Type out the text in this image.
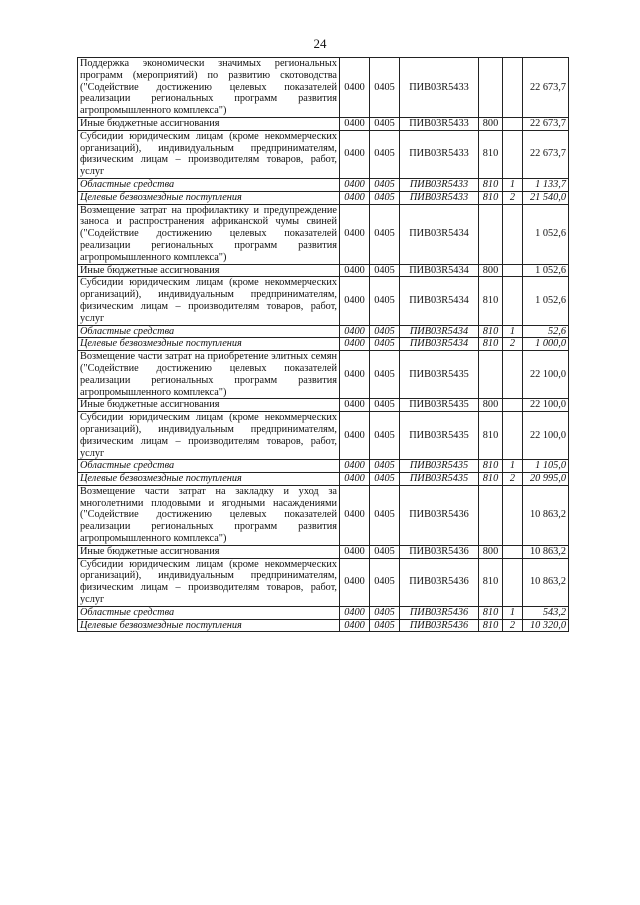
24
Поддержка экономически значимых региональных программ (мероприятий) по развитию скотоводства ("Содействие достижению целевых показателей реализации региональных программ развития агропромышленного комплекса")	0400	0405	ПИВ03R5433			22 673,7
Иные бюджетные ассигнования	0400	0405	ПИВ03R5433	800		22 673,7
Субсидии юридическим лицам (кроме некоммерческих организаций), индивидуальным предпринимателям, физическим лицам – производителям товаров, работ, услуг	0400	0405	ПИВ03R5433	810		22 673,7
Областные средства	0400	0405	ПИВ03R5433	810	1	1 133,7
Целевые безвозмездные поступления	0400	0405	ПИВ03R5433	810	2	21 540,0
Возмещение затрат на профилактику и предупреждение заноса и распространения африканской чумы свиней ("Содействие достижению целевых показателей реализации региональных программ развития агропромышленного комплекса")	0400	0405	ПИВ03R5434			1 052,6
Иные бюджетные ассигнования	0400	0405	ПИВ03R5434	800		1 052,6
Субсидии юридическим лицам (кроме некоммерческих организаций), индивидуальным предпринимателям, физическим лицам – производителям товаров, работ, услуг	0400	0405	ПИВ03R5434	810		1 052,6
Областные средства	0400	0405	ПИВ03R5434	810	1	52,6
Целевые безвозмездные поступления	0400	0405	ПИВ03R5434	810	2	1 000,0
Возмещение части затрат на приобретение элитных семян ("Содействие достижению целевых показателей реализации региональных программ развития агропромышленного комплекса")	0400	0405	ПИВ03R5435			22 100,0
Иные бюджетные ассигнования	0400	0405	ПИВ03R5435	800		22 100,0
Субсидии юридическим лицам (кроме некоммерческих организаций), индивидуальным предпринимателям, физическим лицам – производителям товаров, работ, услуг	0400	0405	ПИВ03R5435	810		22 100,0
Областные средства	0400	0405	ПИВ03R5435	810	1	1 105,0
Целевые безвозмездные поступления	0400	0405	ПИВ03R5435	810	2	20 995,0
Возмещение части затрат на закладку и уход за многолетними плодовыми и ягодными насаждениями ("Содействие достижению целевых показателей реализации региональных программ развития агропромышленного комплекса")	0400	0405	ПИВ03R5436			10 863,2
Иные бюджетные ассигнования	0400	0405	ПИВ03R5436	800		10 863,2
Субсидии юридическим лицам (кроме некоммерческих организаций), индивидуальным предпринимателям, физическим лицам – производителям товаров, работ, услуг	0400	0405	ПИВ03R5436	810		10 863,2
Областные средства	0400	0405	ПИВ03R5436	810	1	543,2
Целевые безвозмездные поступления	0400	0405	ПИВ03R5436	810	2	10 320,0
